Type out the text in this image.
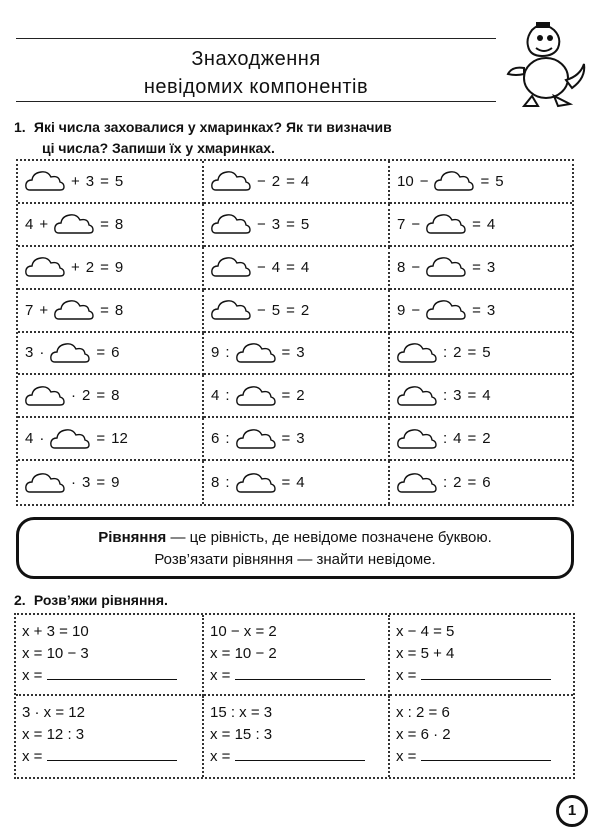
Знаходження
невідомих компонентів
1. Які числа заховалися у хмаринках? Як ти визначив
ці числа? Запиши їх у хмаринках.
+ 3 = 5	− 2 = 4	10 −	= 5
4 +	= 8	− 3 = 5	7 −	= 4
+ 2 = 9	− 4 = 4	8 −	= 3
7 +	= 8	− 5 = 2	9 −	= 3
3 ·	= 6	9 :	= 3	: 2 = 5
· 2 = 8	4 :	= 2	: 3 = 4
4 ·	= 12	6 :	= 3	: 4 = 2
· 3 = 9	8 :	= 4	: 2 = 6
Рівняння — це рівність, де невідоме позначене буквою.
Розв’язати рівняння — знайти невідоме.
2. Розв’яжи рівняння.
x + 3 = 10
x = 10 − 3
x =
10 − x = 2
x = 10 − 2
x =
x − 4 = 5
x = 5 + 4
x =
3 · x = 12
x = 12 : 3
x =
15 : x = 3
x = 15 : 3
x =
x : 2 = 6
x = 6 · 2
x =
1
